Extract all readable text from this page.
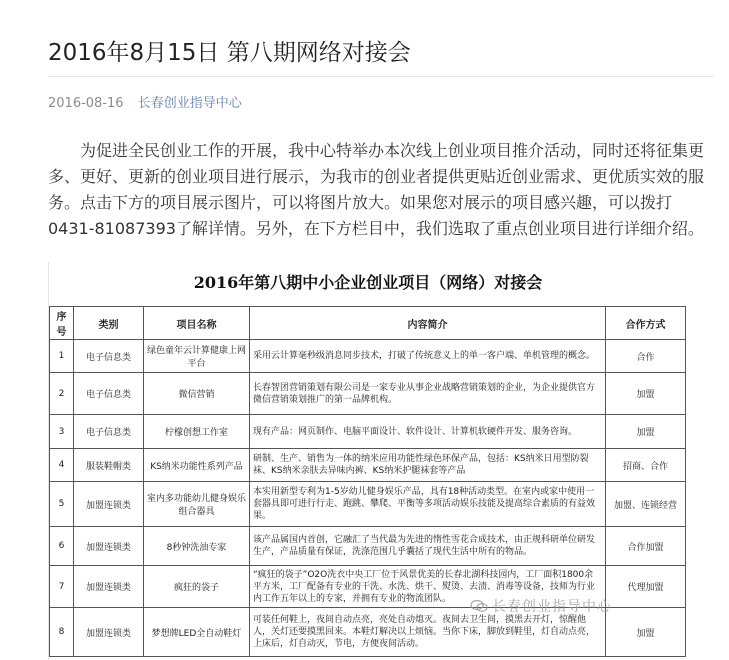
2016年8月15日 第八期网络对接会
2016-08-16 长春创业指导中心

为促进全民创业工作的开展，我中心特举办本次线上创业项目推介活动，同时还将征集更多、更好、更新的创业项目进行展示，为我市的创业者提供更贴近创业需求、更优质实效的服务。点击下方的项目展示图片，可以将图片放大。如果您对展示的项目感兴趣，可以拨打0431-81087393了解详情。另外，在下方栏目中，我们选取了重点创业项目进行详细介绍。

2016年第八期中小企业创业项目（网络）对接会
序号	类别	项目名称	内容简介	合作方式
1	电子信息类	绿色童年云计算健康上网平台	采用云计算毫秒级消息同步技术，打破了传统意义上的单一客户端、单机管理的概念。	合作
2	电子信息类	微信营销	长春智团营销策划有限公司是一家专业从事企业战略营销策划的企业，为企业提供官方微信营销策划推广的第一品牌机构。	加盟
3	电子信息类	柠檬创想工作室	现有产品：网页制作、电脑平面设计、软件设计、计算机软硬件开发、服务咨询。	加盟
4	服装鞋帽类	KS纳米功能性系列产品	研制、生产、销售为一体的纳米应用功能性绿色环保产品，包括：KS纳米日用型防裂袜、KS纳米亲肤去异味内裤、KS纳米护腿袜套等产品	招商、合作
5	加盟连锁类	室内多功能幼儿健身娱乐组合器具	本实用新型专利为1-5岁幼儿健身娱乐产品，具有18种活动类型。在室内或家中使用一套器具即可进行行走、跑跳、攀爬、平衡等多项活动娱乐技能及提高综合素质的有益效果。	加盟、连锁经营
6	加盟连锁类	8秒钟洗油专家	该产品属国内首创，它融汇了当代最为先进的惰性雪花合成技术，由正规科研单位研发生产，产品质量有保证，洗涤范围几乎囊括了现代生活中所有的物品。	合作加盟
7	加盟连锁类	疯狂的袋子	“疯狂的袋子”O2O洗衣中央工厂位于风景优美的长春北湖科技园内，工厂面积1800余平方米，工厂配备有专业的干洗、水洗、烘干、熨烫、去渍、消毒等设备，技师为行业内工作五年以上的专家，并拥有专业的物流团队。	代理加盟
8	加盟连锁类	梦想牌LED全自动鞋灯	可装任何鞋上，夜间自动点亮，亮处自动熄灭。夜间去卫生间，摸黑去开灯，惊醒他人，关灯还要摸黑回来。本鞋灯解决以上烦恼。当你下床，脚放到鞋里，灯自动点亮，上床后，灯自动灭，节电，方便夜间活动。	加盟
长春创业指导中心
